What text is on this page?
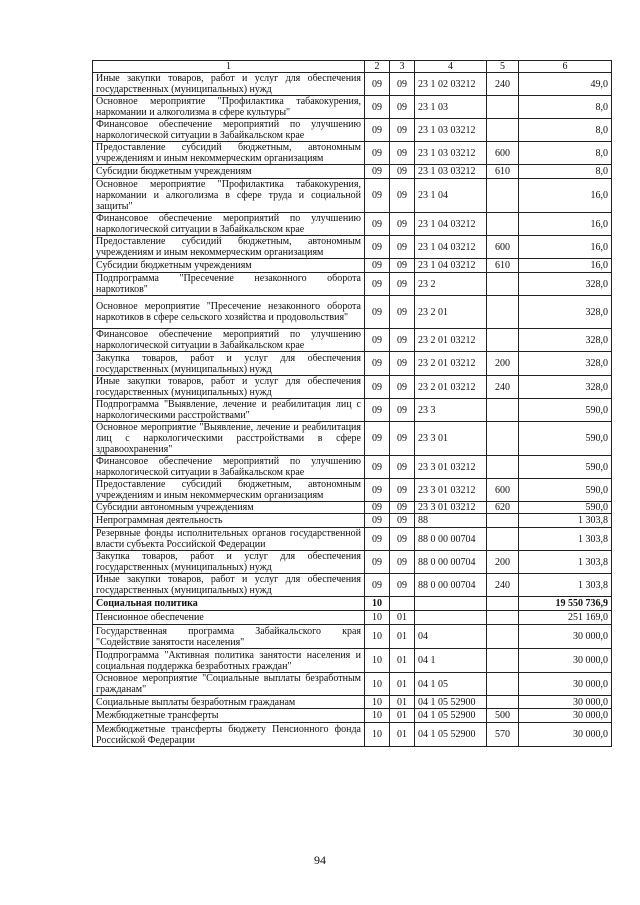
1	2	3	4	5	6
Иные закупки товаров, работ и услуг для обеспечения государственных (муниципальных) нужд	09	09	23 1 02 03212	240	49,0
Основное мероприятие "Профилактика табакокурения, наркомании и алкоголизма в сфере культуры"	09	09	23 1 03		8,0
Финансовое обеспечение мероприятий по улучшению наркологической ситуации в Забайкальском крае	09	09	23 1 03 03212		8,0
Предоставление субсидий бюджетным, автономным учреждениям и иным некоммерческим организациям	09	09	23 1 03 03212	600	8,0
Субсидии бюджетным учреждениям	09	09	23 1 03 03212	610	8,0
Основное мероприятие "Профилактика табакокурения, наркомании и алкоголизма в сфере труда и социальной защиты"	09	09	23 1 04		16,0
Финансовое обеспечение мероприятий по улучшению наркологической ситуации в Забайкальском крае	09	09	23 1 04 03212		16,0
Предоставление субсидий бюджетным, автономным учреждениям и иным некоммерческим организациям	09	09	23 1 04 03212	600	16,0
Субсидии бюджетным учреждениям	09	09	23 1 04 03212	610	16,0
Подпрограмма "Пресечение незаконного оборота наркотиков"	09	09	23 2		328,0
Основное мероприятие "Пресечение незаконного оборота наркотиков в сфере сельского хозяйства и продовольствия"	09	09	23 2 01		328,0
Финансовое обеспечение мероприятий по улучшению наркологической ситуации в Забайкальском крае	09	09	23 2 01 03212		328,0
Закупка товаров, работ и услуг для обеспечения государственных (муниципальных) нужд	09	09	23 2 01 03212	200	328,0
Иные закупки товаров, работ и услуг для обеспечения государственных (муниципальных) нужд	09	09	23 2 01 03212	240	328,0
Подпрограмма "Выявление, лечение и реабилитация лиц с наркологическими расстройствами"	09	09	23 3		590,0
Основное мероприятие "Выявление, лечение и реабилитация лиц с наркологическими расстройствами в сфере здравоохранения"	09	09	23 3 01		590,0
Финансовое обеспечение мероприятий по улучшению наркологической ситуации в Забайкальском крае	09	09	23 3 01 03212		590,0
Предоставление субсидий бюджетным, автономным учреждениям и иным некоммерческим организациям	09	09	23 3 01 03212	600	590,0
Субсидии автономным учреждениям	09	09	23 3 01 03212	620	590,0
Непрограммная деятельность	09	09	88		1 303,8
Резервные фонды исполнительных органов государственной власти субъекта Российской Федерации	09	09	88 0 00 00704		1 303,8
Закупка товаров, работ и услуг для обеспечения государственных (муниципальных) нужд	09	09	88 0 00 00704	200	1 303,8
Иные закупки товаров, работ и услуг для обеспечения государственных (муниципальных) нужд	09	09	88 0 00 00704	240	1 303,8
Социальная политика	10				19 550 736,9
Пенсионное обеспечение	10	01			251 169,0
Государственная программа Забайкальского края "Содействие занятости населения"	10	01	04		30 000,0
Подпрограмма "Активная политика занятости населения и социальная поддержка безработных граждан"	10	01	04 1		30 000,0
Основное мероприятие "Социальные выплаты безработным гражданам"	10	01	04 1 05		30 000,0
Социальные выплаты безработным гражданам	10	01	04 1 05 52900		30 000,0
Межбюджетные трансферты	10	01	04 1 05 52900	500	30 000,0
Межбюджетные трансферты бюджету Пенсионного фонда Российской Федерации	10	01	04 1 05 52900	570	30 000,0
94
